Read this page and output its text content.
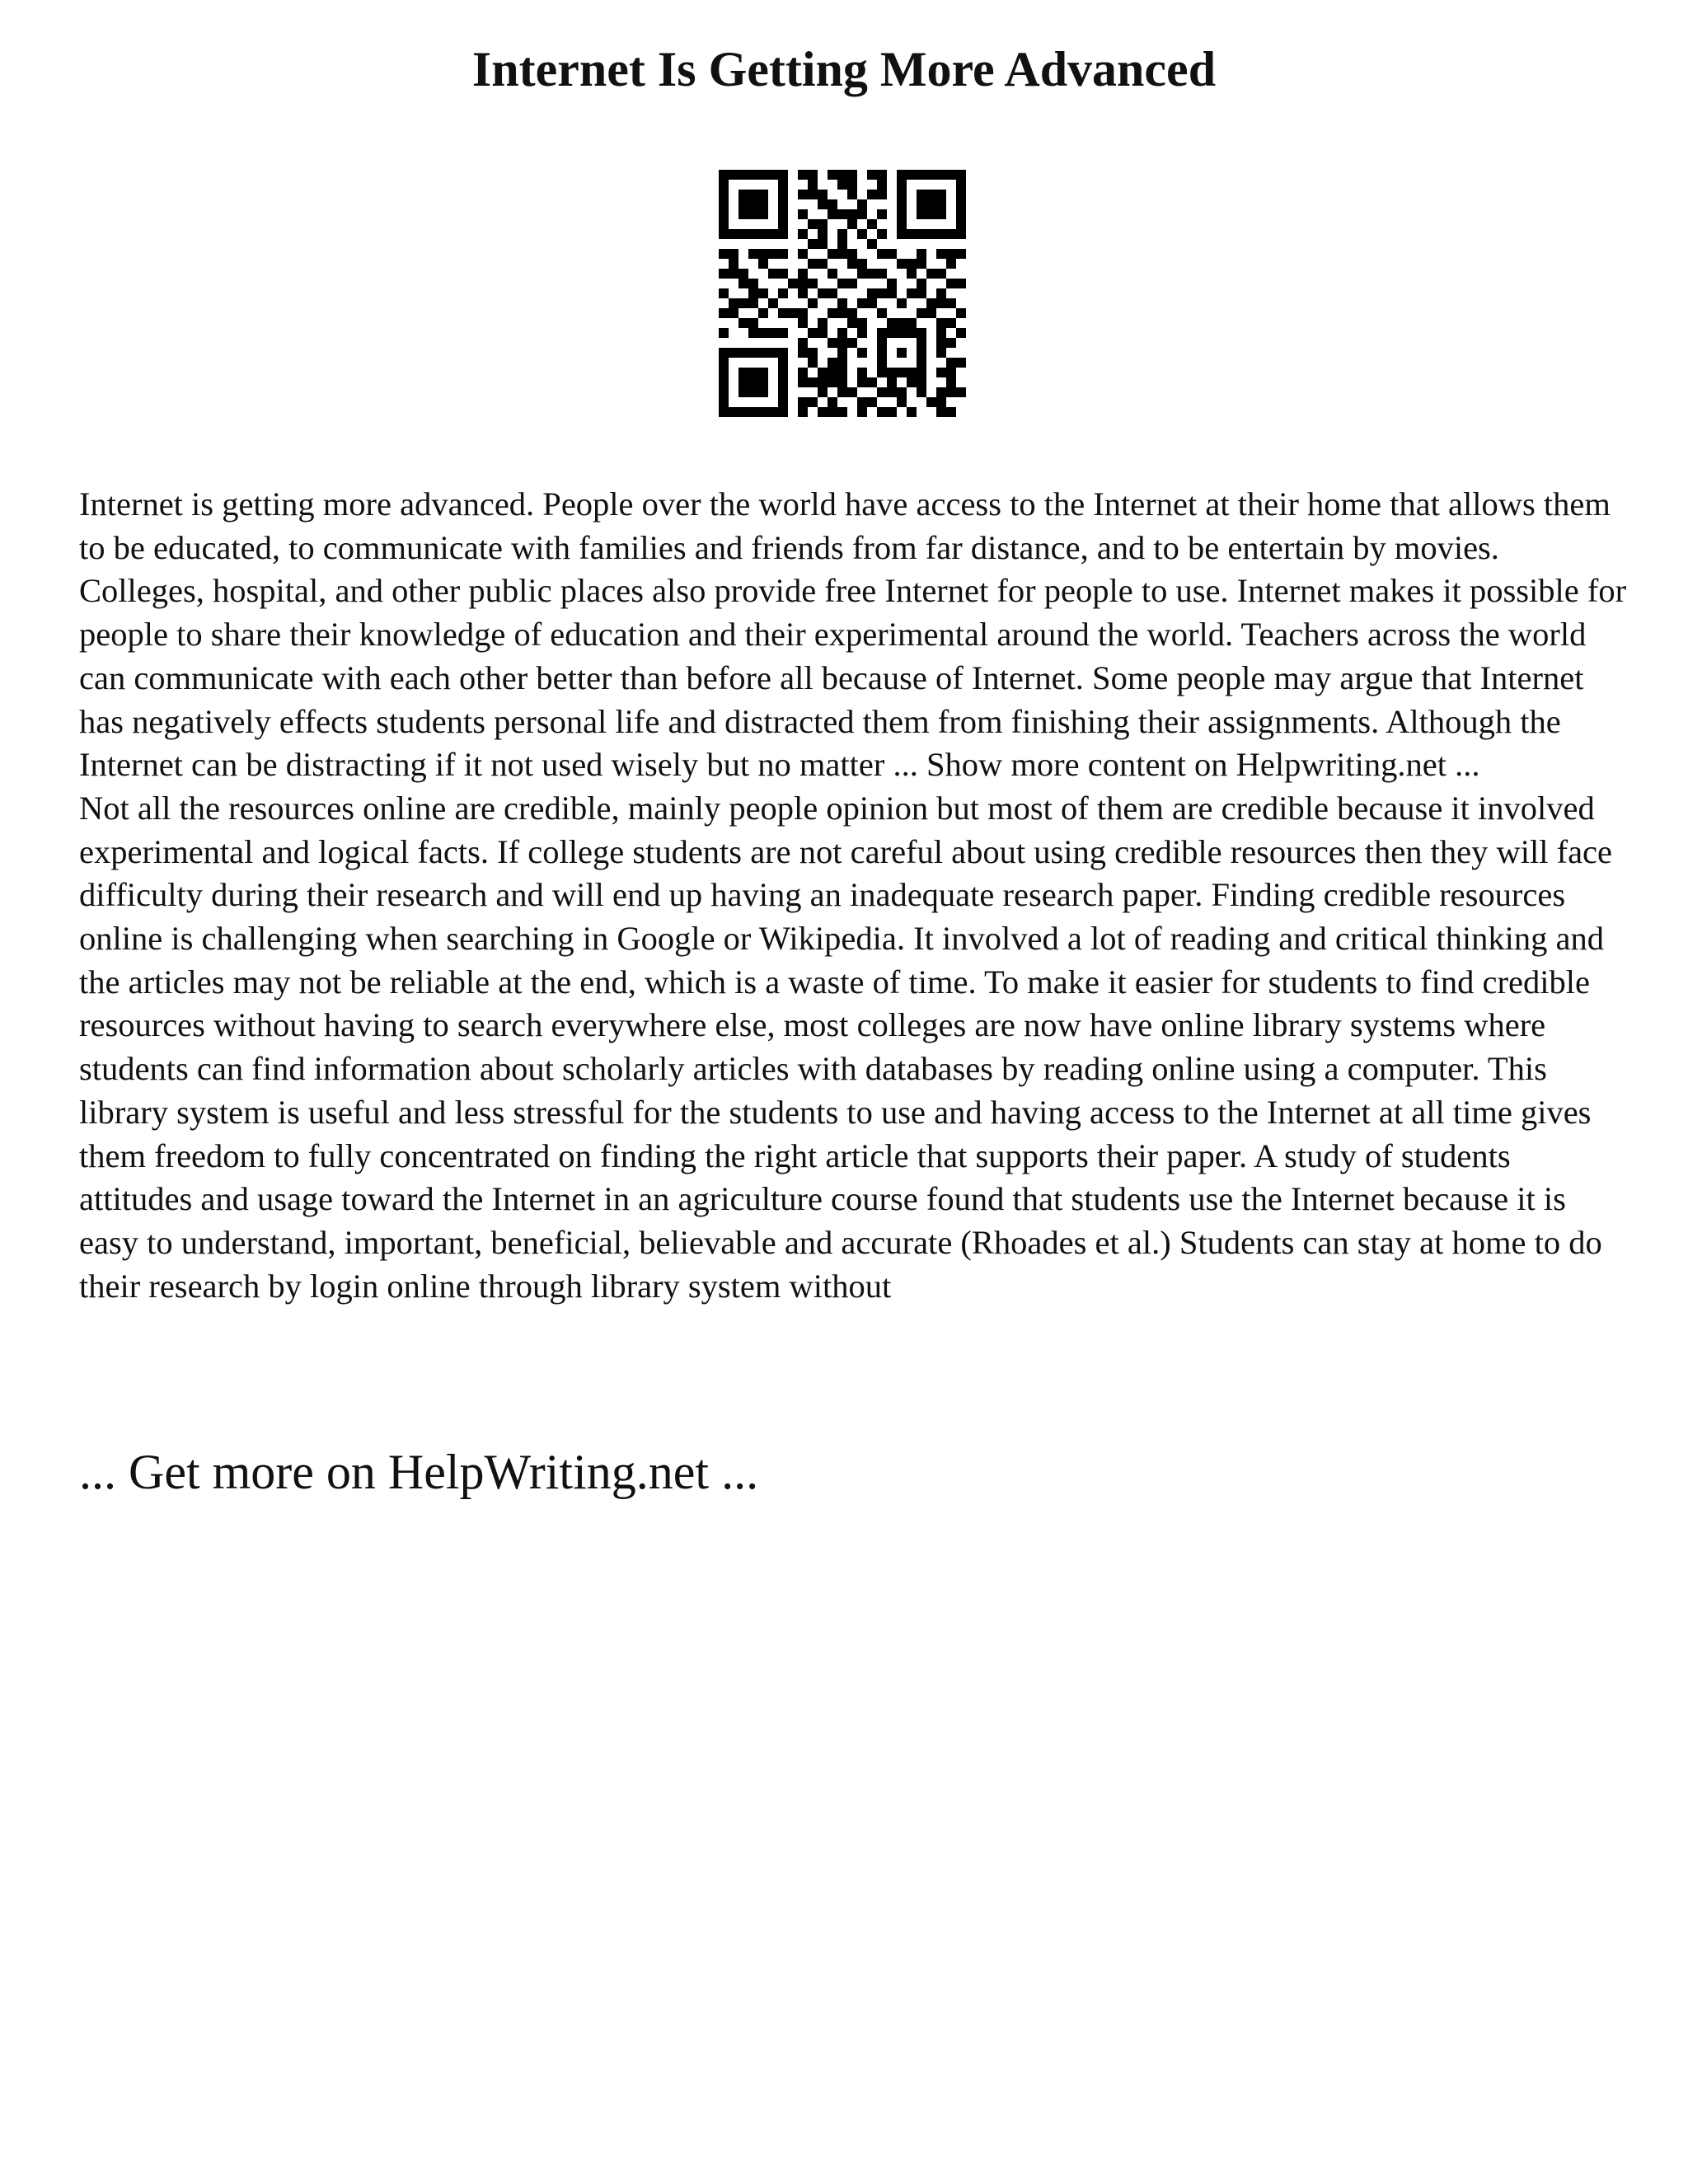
Internet Is Getting More Advanced

Internet is getting more advanced. People over the world have access to the Internet at their home that allows them to be educated, to communicate with families and friends from far distance, and to be entertain by movies. Colleges, hospital, and other public places also provide free Internet for people to use. Internet makes it possible for people to share their knowledge of education and their experimental around the world. Teachers across the world can communicate with each other better than before all because of Internet. Some people may argue that Internet has negatively effects students personal life and distracted them from finishing their assignments. Although the Internet can be distracting if it not used wisely but no matter ... Show more content on Helpwriting.net ...

Not all the resources online are credible, mainly people opinion but most of them are credible because it involved experimental and logical facts. If college students are not careful about using credible resources then they will face difficulty during their research and will end up having an inadequate research paper. Finding credible resources online is challenging when searching in Google or Wikipedia. It involved a lot of reading and critical thinking and the articles may not be reliable at the end, which is a waste of time. To make it easier for students to find credible resources without having to search everywhere else, most colleges are now have online library systems where students can find information about scholarly articles with databases by reading online using a computer. This library system is useful and less stressful for the students to use and having access to the Internet at all time gives them freedom to fully concentrated on finding the right article that supports their paper. A study of students attitudes and usage toward the Internet in an agriculture course found that students use the Internet because it is easy to understand, important, beneficial, believable and accurate (Rhoades et al.) Students can stay at home to do their research by login online through library system without

... Get more on HelpWriting.net ...
